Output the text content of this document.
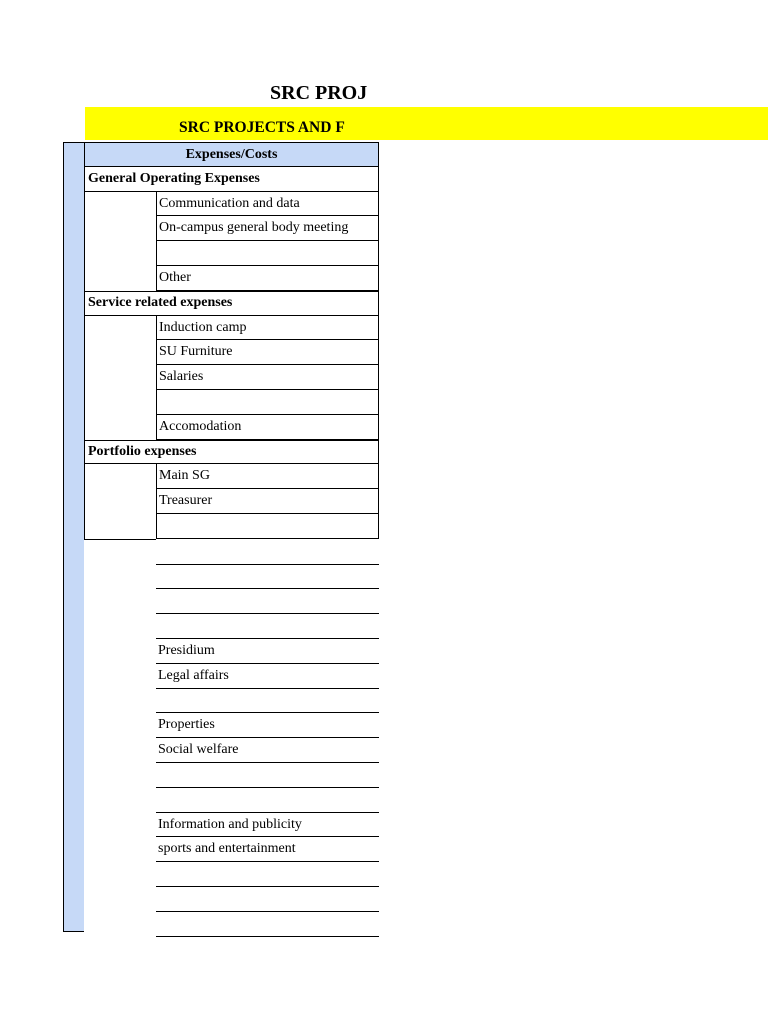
SRC PROJ
SRC PROJECTS AND F
Expenses/Costs
General Operating Expenses
Communication and data
On-campus general body meeting
Other
Service related expenses
Induction camp
SU Furniture
Salaries
Accomodation
Portfolio expenses
Main SG
Treasurer
Presidium
Legal affairs
Properties
Social welfare
Information and publicity
sports and entertainment
